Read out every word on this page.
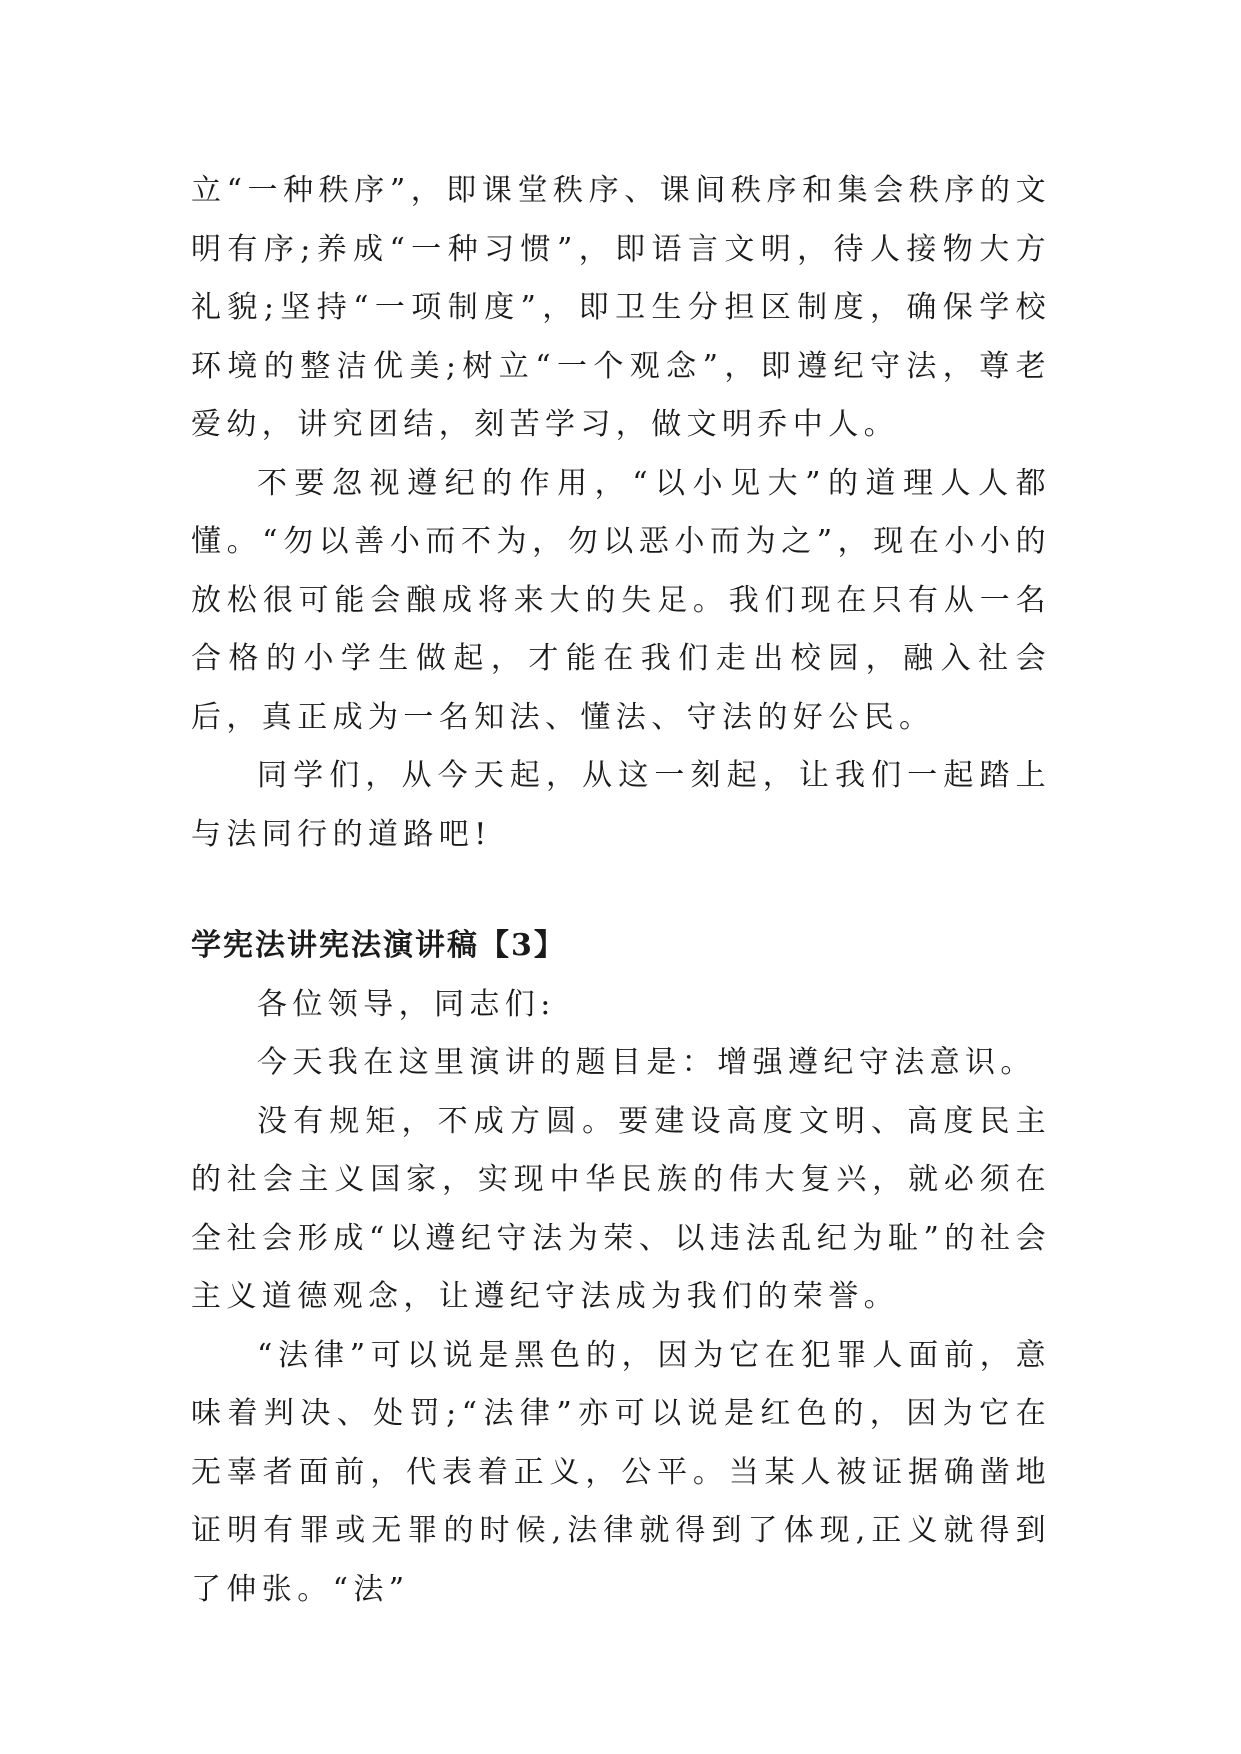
立“一种秩序”，即课堂秩序、课间秩序和集会秩序的文明有序;养成“一种习惯”，即语言文明，待人接物大方礼貌;坚持“一项制度”，即卫生分担区制度，确保学校环境的整洁优美;树立“一个观念”，即遵纪守法，尊老爱幼，讲究团结，刻苦学习，做文明乔中人。

不要忽视遵纪的作用，“以小见大”的道理人人都懂。“勿以善小而不为，勿以恶小而为之”，现在小小的放松很可能会酿成将来大的失足。我们现在只有从一名合格的小学生做起，才能在我们走出校园，融入社会后，真正成为一名知法、懂法、守法的好公民。

同学们，从今天起，从这一刻起，让我们一起踏上与法同行的道路吧!

学宪法讲宪法演讲稿【3】

各位领导，同志们:

今天我在这里演讲的题目是：增强遵纪守法意识。

没有规矩，不成方圆。要建设高度文明、高度民主的社会主义国家，实现中华民族的伟大复兴，就必须在全社会形成“以遵纪守法为荣、以违法乱纪为耻”的社会主义道德观念，让遵纪守法成为我们的荣誉。

“法律”可以说是黑色的，因为它在犯罪人面前，意味着判决、处罚;“法律”亦可以说是红色的，因为它在无辜者面前，代表着正义，公平。当某人被证据确凿地证明有罪或无罪的时候,法律就得到了体现,正义就得到了伸张。“法”
